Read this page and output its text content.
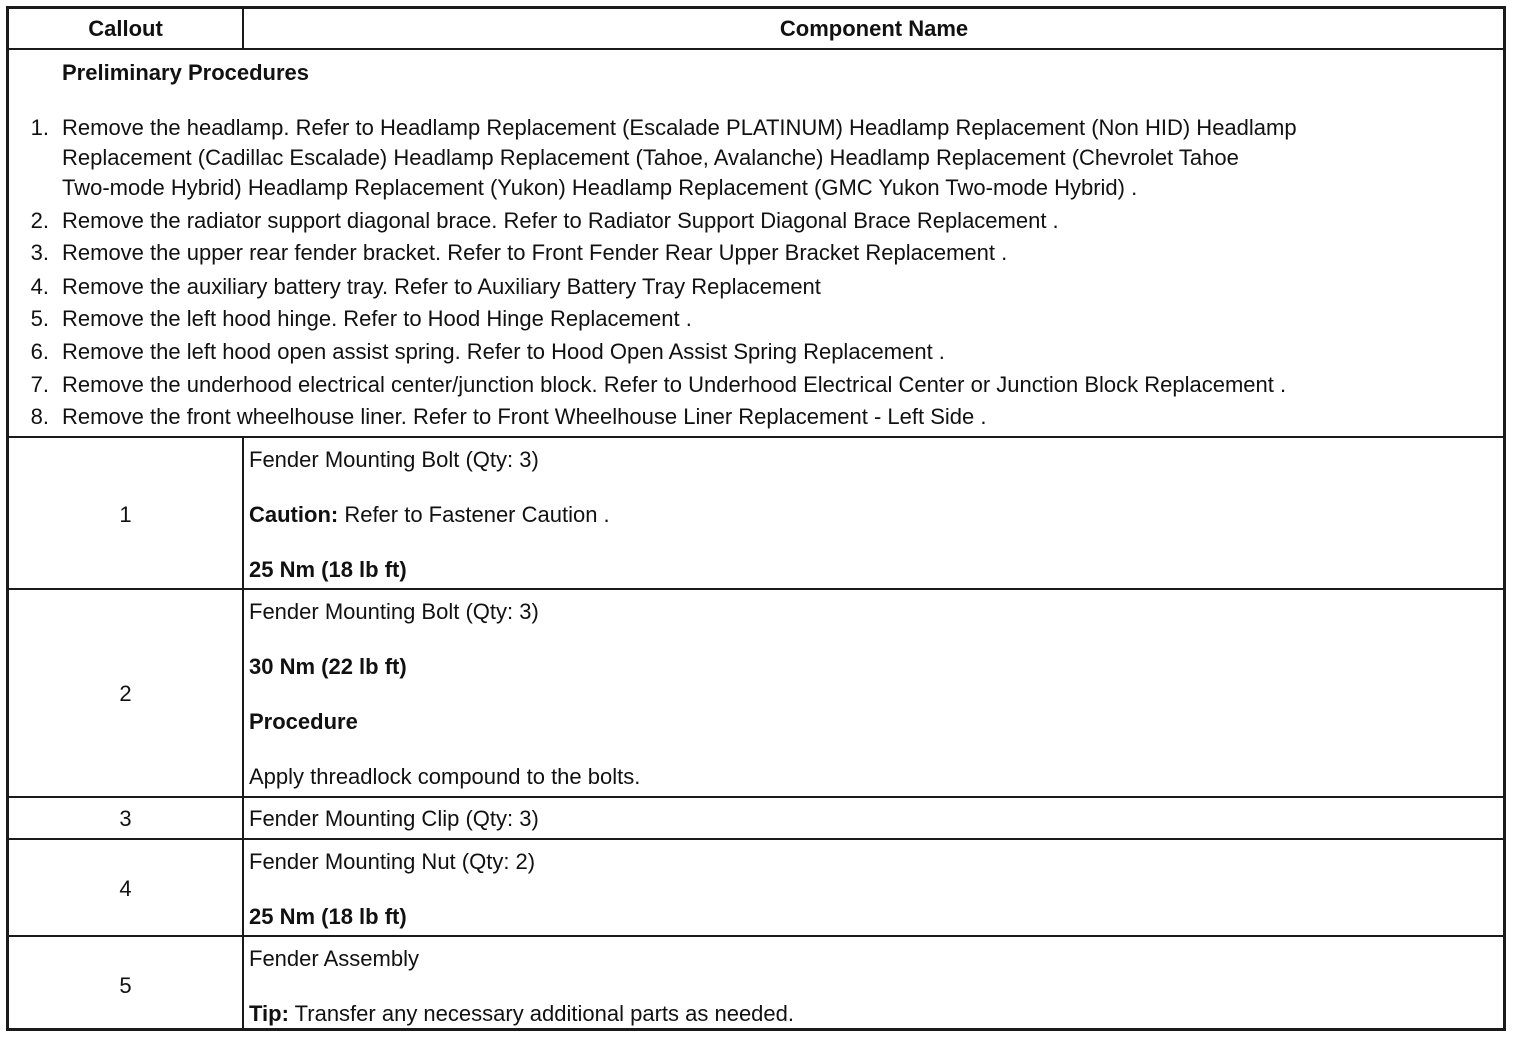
Callout	Component Name
Preliminary Procedures
1. Remove the headlamp. Refer to Headlamp Replacement (Escalade PLATINUM) Headlamp Replacement (Non HID) Headlamp
Replacement (Cadillac Escalade) Headlamp Replacement (Tahoe, Avalanche) Headlamp Replacement (Chevrolet Tahoe
Two-mode Hybrid) Headlamp Replacement (Yukon) Headlamp Replacement (GMC Yukon Two-mode Hybrid) .
2. Remove the radiator support diagonal brace. Refer to Radiator Support Diagonal Brace Replacement .
3. Remove the upper rear fender bracket. Refer to Front Fender Rear Upper Bracket Replacement .
4. Remove the auxiliary battery tray. Refer to Auxiliary Battery Tray Replacement
5. Remove the left hood hinge. Refer to Hood Hinge Replacement .
6. Remove the left hood open assist spring. Refer to Hood Open Assist Spring Replacement .
7. Remove the underhood electrical center/junction block. Refer to Underhood Electrical Center or Junction Block Replacement .
8. Remove the front wheelhouse liner. Refer to Front Wheelhouse Liner Replacement - Left Side .
1
Fender Mounting Bolt (Qty: 3)
Caution: Refer to Fastener Caution .
25 Nm (18 lb ft)
2
Fender Mounting Bolt (Qty: 3)
30 Nm (22 lb ft)
Procedure
Apply threadlock compound to the bolts.
3	Fender Mounting Clip (Qty: 3)
4
Fender Mounting Nut (Qty: 2)
25 Nm (18 lb ft)
5
Fender Assembly
Tip: Transfer any necessary additional parts as needed.
